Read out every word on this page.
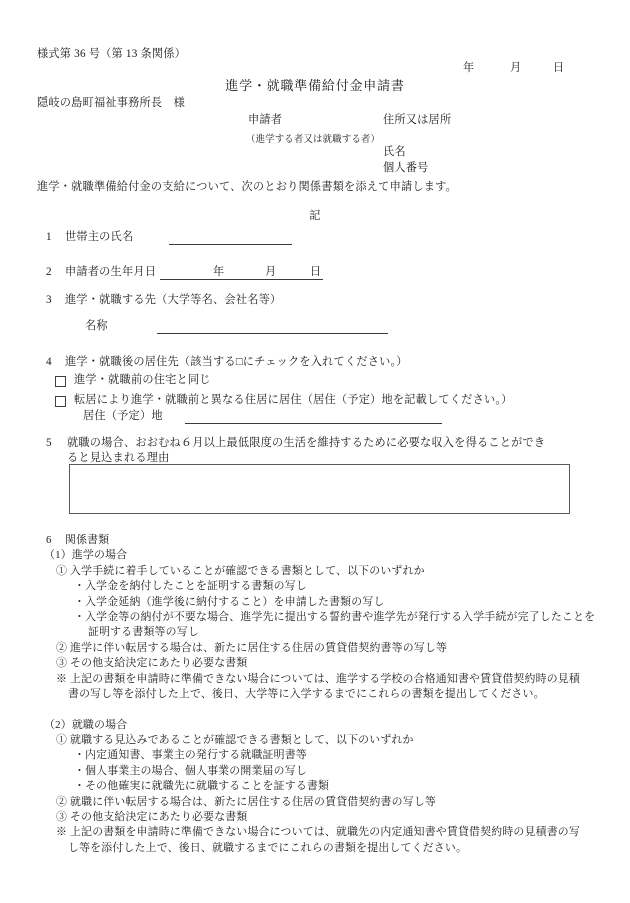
様式第 36 号（第 13 条関係）
年	月	日
進学・就職準備給付金申請書
隠岐の島町福祉事務所長　様
申請者	住所又は居所
（進学する者又は就職する者）
氏名
個人番号
進学・就職準備給付金の支給について、次のとおり関係書類を添えて申請します。
記
1 世帯主の氏名
2 申請者の生年月日	年	月	日
3 進学・就職する先（大学等名、会社名等）
名称
4 進学・就職後の居住先（該当する□にチェックを入れてください。）
進学・就職前の住宅と同じ
転居により進学・就職前と異なる住居に居住（居住（予定）地を記載してください。）
居住（予定）地
5 就職の場合、おおむね６月以上最低限度の生活を維持するために必要な収入を得ることができ
ると見込まれる理由
6 関係書類
（1）進学の場合
① 入学手続に着手していることが確認できる書類として、以下のいずれか
・入学金を納付したことを証明する書類の写し
・入学金延納（進学後に納付すること）を申請した書類の写し
・入学金等の納付が不要な場合、進学先に提出する誓約書や進学先が発行する入学手続が完了したことを
証明する書類等の写し
② 進学に伴い転居する場合は、新たに居住する住居の賃貸借契約書等の写し等
③ その他支給決定にあたり必要な書類
※ 上記の書類を申請時に準備できない場合については、進学する学校の合格通知書や賃貸借契約時の見積
書の写し等を添付した上で、後日、大学等に入学するまでにこれらの書類を提出してください。
（2）就職の場合
① 就職する見込みであることが確認できる書類として、以下のいずれか
・内定通知書、事業主の発行する就職証明書等
・個人事業主の場合、個人事業の開業届の写し
・その他確実に就職先に就職することを証する書類
② 就職に伴い転居する場合は、新たに居住する住居の賃貸借契約書の写し等
③ その他支給決定にあたり必要な書類
※ 上記の書類を申請時に準備できない場合については、就職先の内定通知書や賃貸借契約時の見積書の写
し等を添付した上で、後日、就職するまでにこれらの書類を提出してください。
